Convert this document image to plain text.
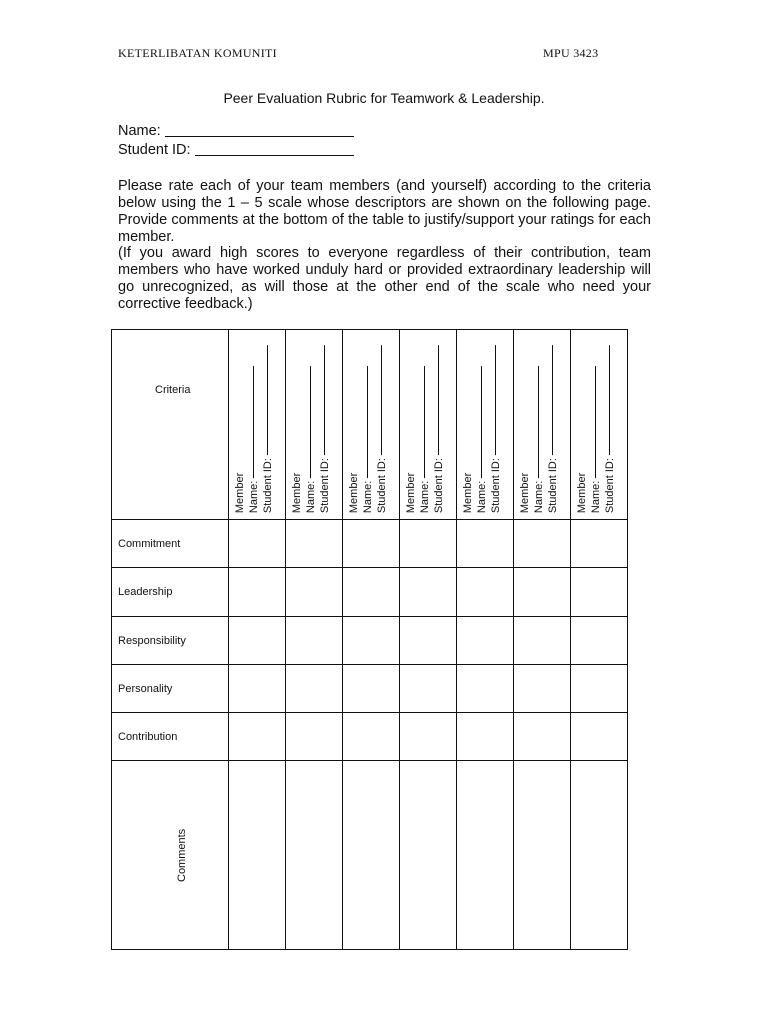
KETERLIBATAN KOMUNITI	MPU 3423
Peer Evaluation Rubric for Teamwork & Leadership.
Name:
Student ID:
Please rate each of your team members (and yourself) according to the criteria below using the 1 – 5 scale whose descriptors are shown on the following page. Provide comments at the bottom of the table to justify/support your ratings for each member.
(If you award high scores to everyone regardless of their contribution, team members who have worked unduly hard or provided extraordinary leadership will go unrecognized, as will those at the other end of the scale who need your corrective feedback.)
Criteria	Member Name: Student ID:	Member Name: Student ID:	Member Name: Student ID:	Member Name: Student ID:	Member Name: Student ID:	Member Name: Student ID:	Member Name: Student ID:

Commitment							
Leadership							
Responsibility							
Personality							
Contribution							

Comments							
